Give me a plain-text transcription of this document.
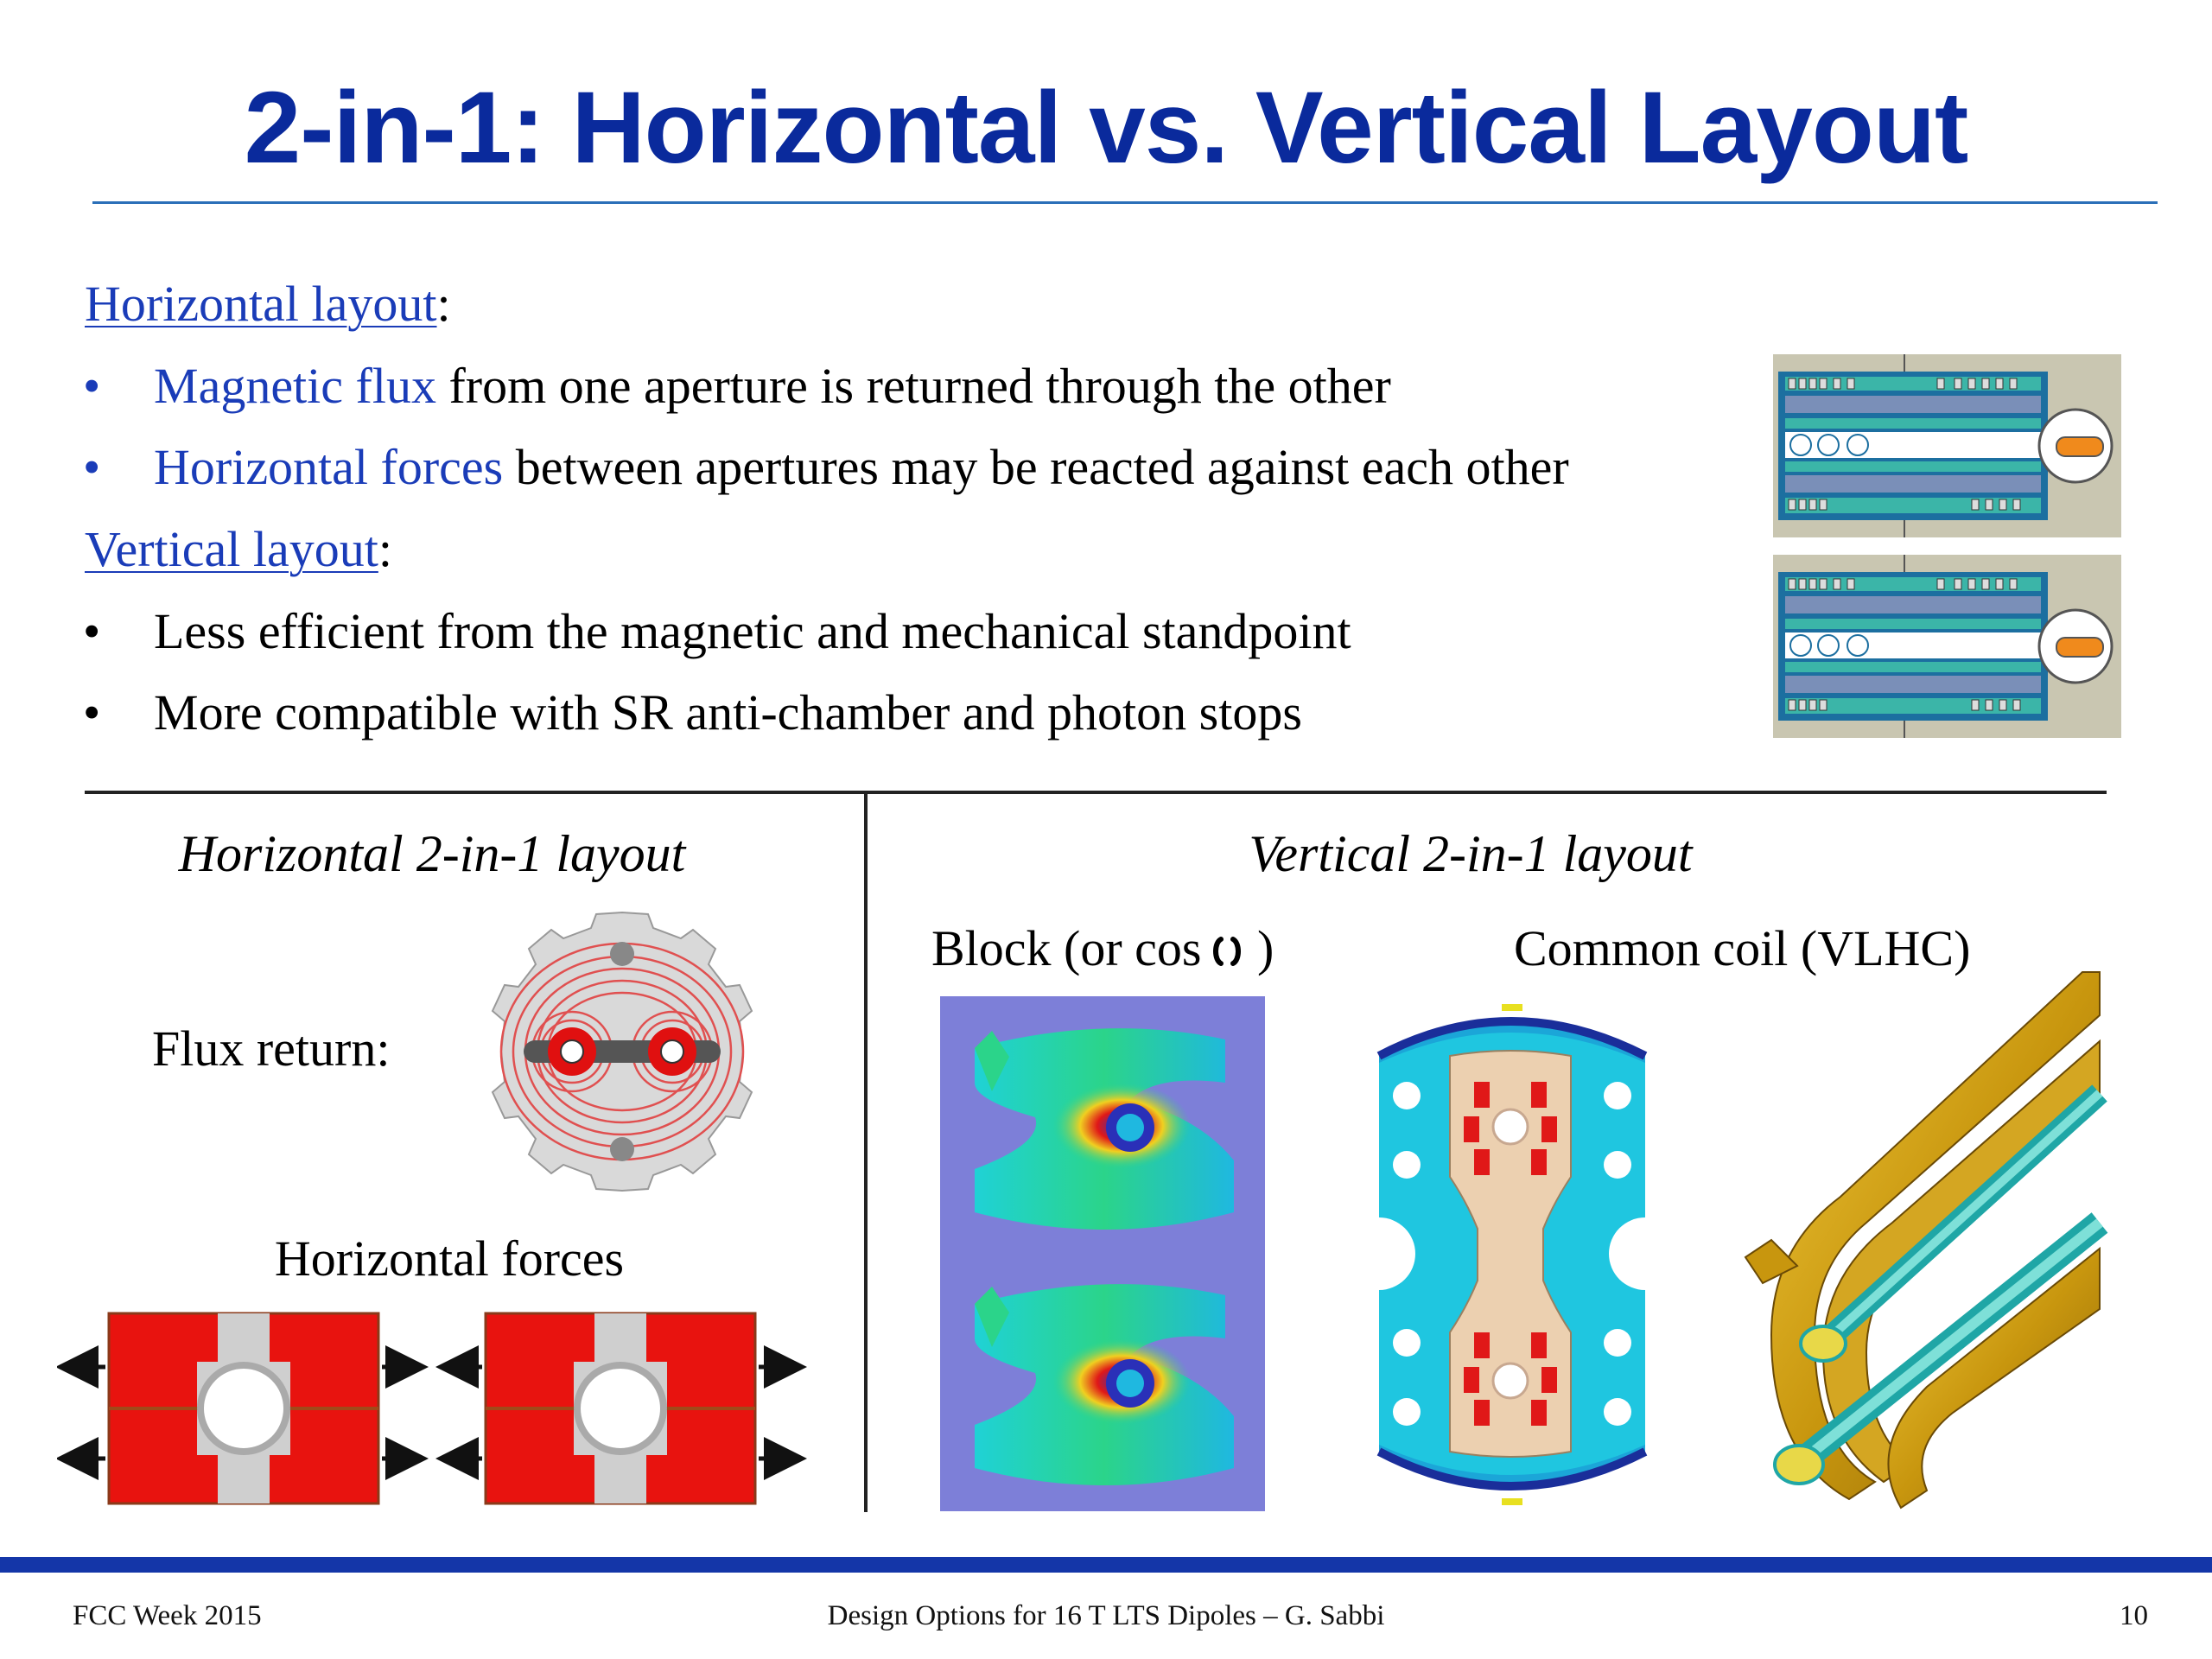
2-in-1: Horizontal vs. Vertical Layout
Horizontal layout:
• Magnetic flux from one aperture is returned through the other
• Horizontal forces between apertures may be reacted against each other
Vertical layout:
• Less efficient from the magnetic and mechanical standpoint
• More compatible with SR anti-chamber and photon stops
Horizontal 2-in-1 layout
Flux return:
Horizontal forces
Vertical 2-in-1 layout
Block (or cos )	Common coil (VLHC)
FCC Week 2015	Design Options for 16 T LTS Dipoles – G. Sabbi	10
